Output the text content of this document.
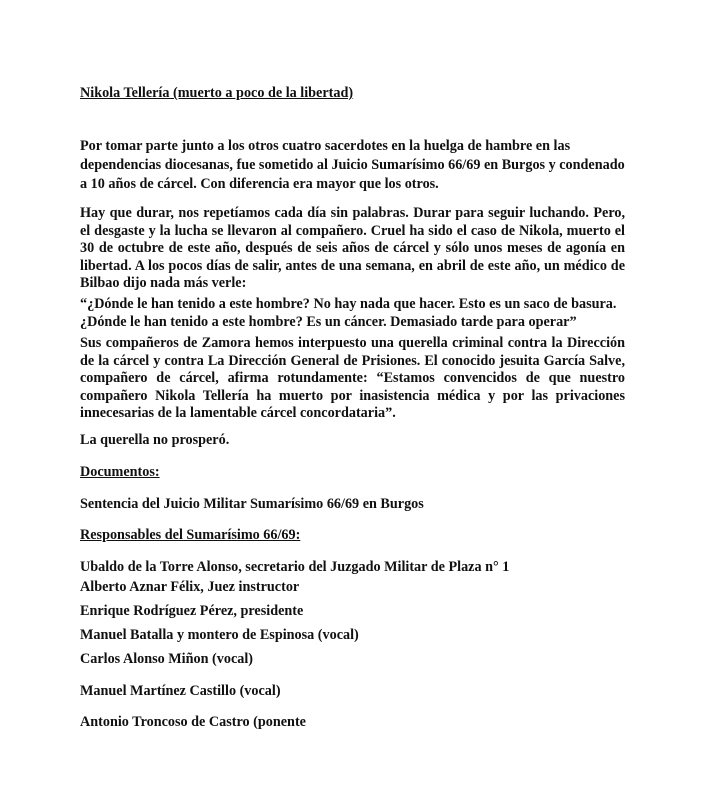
Nikola Tellería (muerto a poco de la libertad)

Por tomar parte junto a los otros cuatro sacerdotes en la huelga de hambre en las

dependencias diocesanas, fue sometido al Juicio Sumarísimo 66/69 en Burgos y condenado

a 10 años de cárcel. Con diferencia era mayor que los otros.

Hay que durar, nos repetíamos cada día sin palabras. Durar para seguir luchando. Pero, el desgaste y la lucha se llevaron al compañero. Cruel ha sido el caso de Nikola, muerto el 30 de octubre de este año, después de seis años de cárcel y sólo unos meses de agonía en libertad. A los pocos días de salir, antes de una semana, en abril de este año, un médico de Bilbao dijo nada más verle:

“¿Dónde le han tenido a este hombre? No hay nada que hacer. Esto es un saco de basura. ¿Dónde le han tenido a este hombre? Es un cáncer. Demasiado tarde para operar”

Sus compañeros de Zamora hemos interpuesto una querella criminal contra la Dirección de la cárcel y contra La Dirección General de Prisiones. El conocido jesuita García Salve, compañero de cárcel, afirma rotundamente: “Estamos convencidos de que nuestro compañero Nikola Tellería ha muerto por inasistencia médica y por las privaciones innecesarias de la lamentable cárcel concordataria”.

La querella no prosperó.

Documentos:

Sentencia del Juicio Militar Sumarísimo 66/69 en Burgos

Responsables del Sumarísimo 66/69:

Ubaldo de la Torre Alonso, secretario del Juzgado Militar de Plaza n° 1

Alberto Aznar Félix, Juez instructor

Enrique Rodríguez Pérez, presidente

Manuel Batalla y montero de Espinosa (vocal)

Carlos Alonso Miñon (vocal)

Manuel Martínez Castillo (vocal)

Antonio Troncoso de Castro (ponente
